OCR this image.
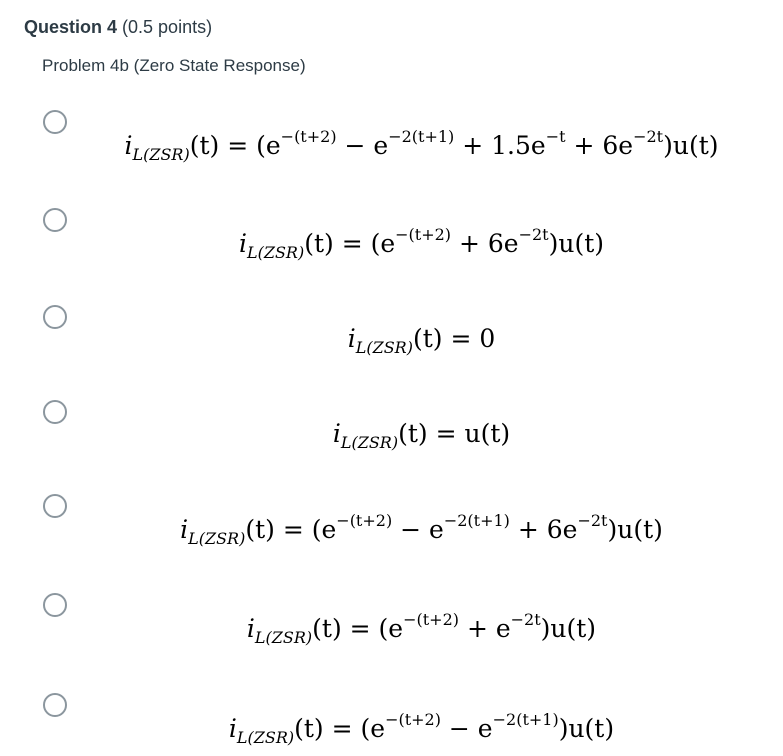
Question 4 (0.5 points)
Problem 4b (Zero State Response)
$i_{L(ZSR)}(t) = (e^{-(t+2)} - e^{-2(t+1)} + 1.5e^{-t} + 6e^{-2t})u(t)$
$i_{L(ZSR)}(t) = (e^{-(t+2)} + 6e^{-2t})u(t)$
$i_{L(ZSR)}(t) = 0$
$i_{L(ZSR)}(t) = u(t)$
$i_{L(ZSR)}(t) = (e^{-(t+2)} - e^{-2(t+1)} + 6e^{-2t})u(t)$
$i_{L(ZSR)}(t) = (e^{-(t+2)} + e^{-2t})u(t)$
$i_{L(ZSR)}(t) = (e^{-(t+2)} - e^{-2(t+1)})u(t)$
